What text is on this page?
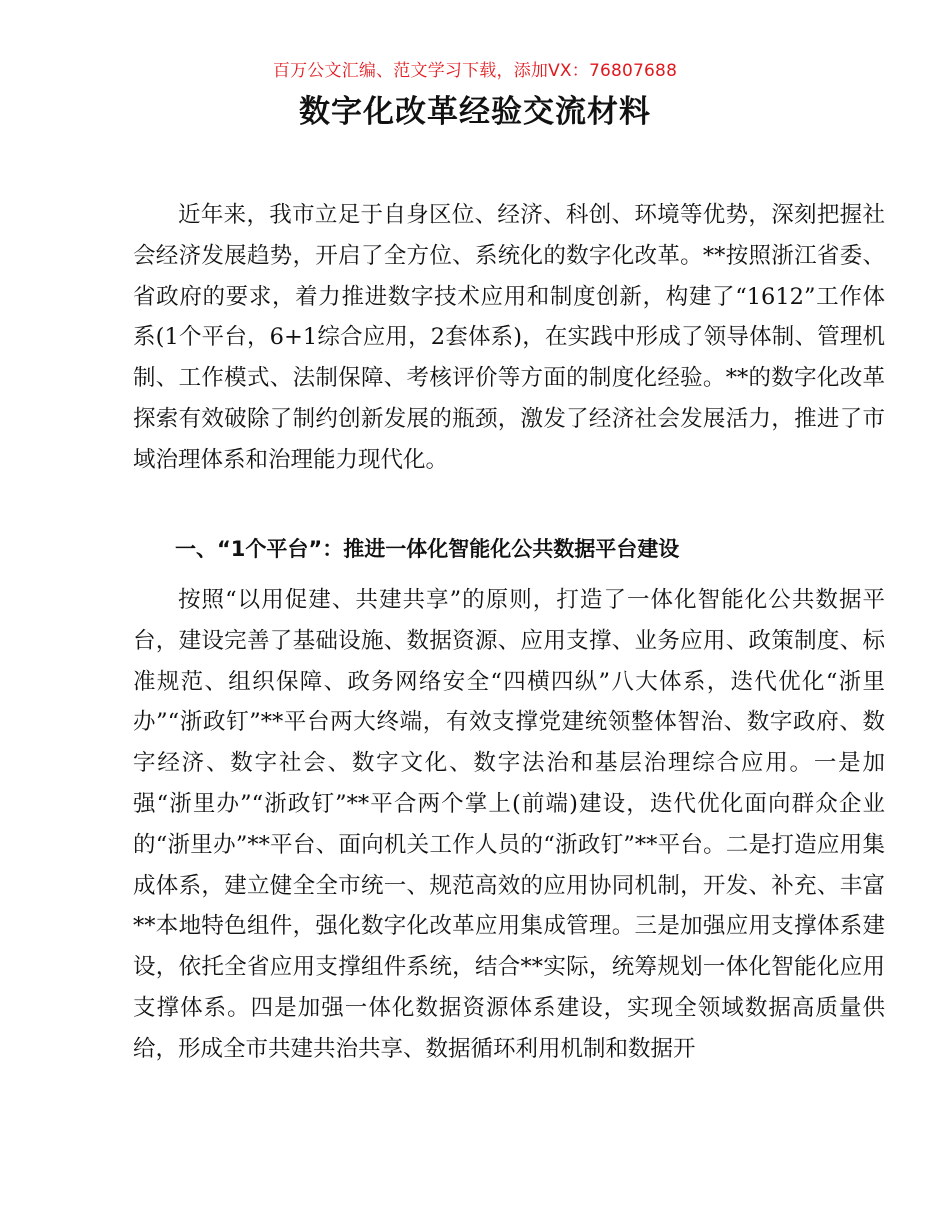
百万公文汇编、范文学习下载，添加VX：76807688
数字化改革经验交流材料
近年来，我市立足于自身区位、经济、科创、环境等优势，深刻把握社会经济发展趋势，开启了全方位、系统化的数字化改革。**按照浙江省委、省政府的要求，着力推进数字技术应用和制度创新，构建了“1612”工作体系(1个平台，6+1综合应用，2套体系)，在实践中形成了领导体制、管理机制、工作模式、法制保障、考核评价等方面的制度化经验。**的数字化改革探索有效破除了制约创新发展的瓶颈，激发了经济社会发展活力，推进了市域治理体系和治理能力现代化。
一、“1个平台”：推进一体化智能化公共数据平台建设
按照“以用促建、共建共享”的原则，打造了一体化智能化公共数据平台，建设完善了基础设施、数据资源、应用支撑、业务应用、政策制度、标准规范、组织保障、政务网络安全“四横四纵”八大体系，迭代优化“浙里办”“浙政钉”**平台两大终端，有效支撑党建统领整体智治、数字政府、数字经济、数字社会、数字文化、数字法治和基层治理综合应用。一是加强“浙里办”“浙政钉”**平合两个掌上(前端)建设，迭代优化面向群众企业的“浙里办”**平台、面向机关工作人员的“浙政钉”**平台。二是打造应用集成体系，建立健全全市统一、规范高效的应用协同机制，开发、补充、丰富**本地特色组件，强化数字化改革应用集成管理。三是加强应用支撑体系建设，依托全省应用支撑组件系统，结合**实际，统筹规划一体化智能化应用支撑体系。四是加强一体化数据资源体系建设，实现全领域数据高质量供给，形成全市共建共治共享、数据循环利用机制和数据开
